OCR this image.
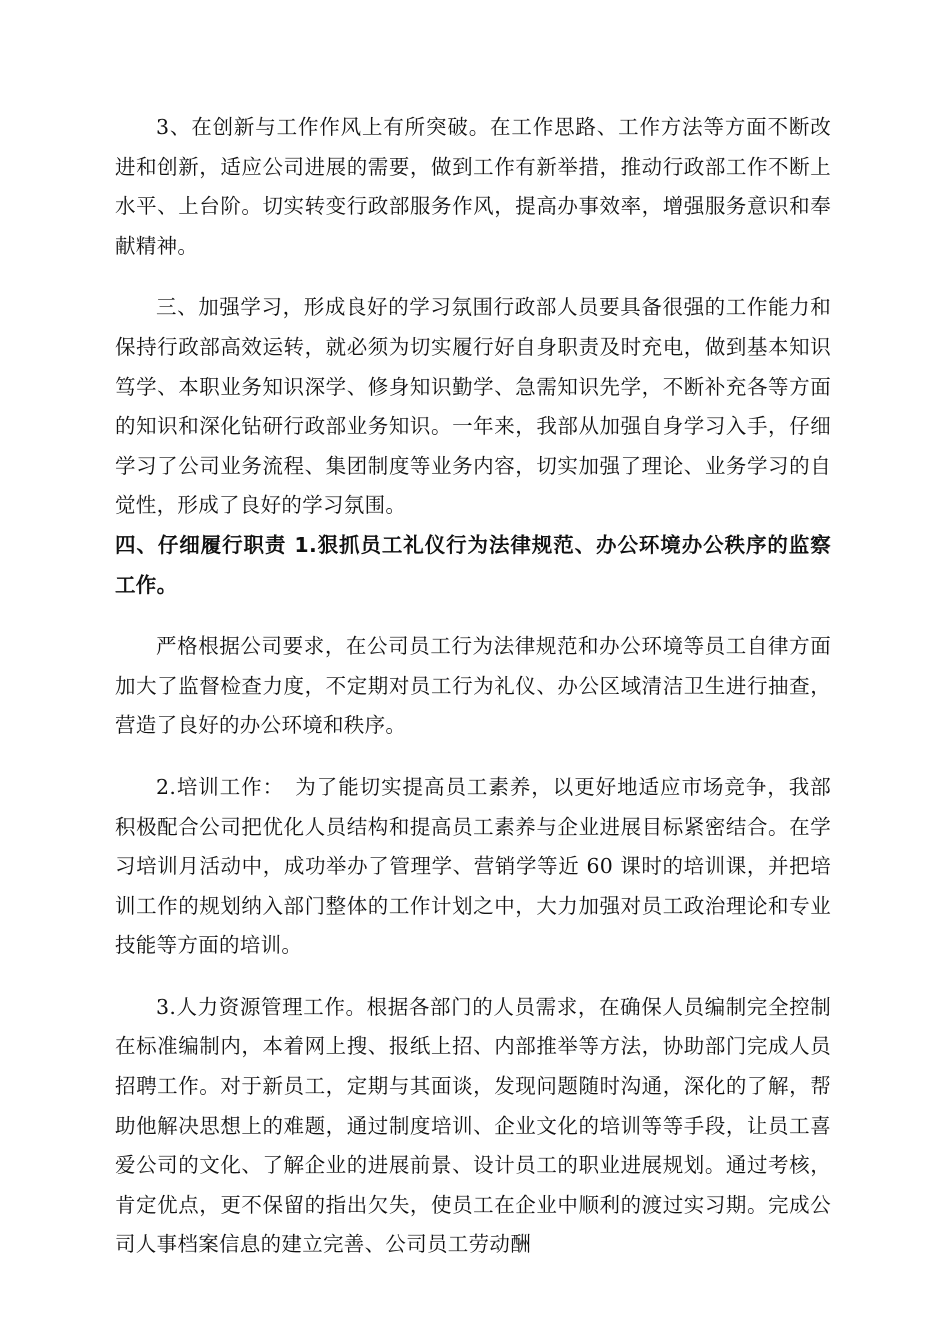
3、在创新与工作作风上有所突破。在工作思路、工作方法等方面不断改进和创新，适应公司进展的需要，做到工作有新举措，推动行政部工作不断上水平、上台阶。切实转变行政部服务作风，提高办事效率，增强服务意识和奉献精神。

三、加强学习，形成良好的学习氛围行政部人员要具备很强的工作能力和保持行政部高效运转，就必须为切实履行好自身职责及时充电，做到基本知识笃学、本职业务知识深学、修身知识勤学、急需知识先学，不断补充各等方面的知识和深化钻研行政部业务知识。一年来，我部从加强自身学习入手，仔细学习了公司业务流程、集团制度等业务内容，切实加强了理论、业务学习的自觉性，形成了良好的学习氛围。

四、仔细履行职责 1.狠抓员工礼仪行为法律规范、办公环境办公秩序的监察工作。

严格根据公司要求，在公司员工行为法律规范和办公环境等员工自律方面加大了监督检查力度，不定期对员工行为礼仪、办公区域清洁卫生进行抽查，营造了良好的办公环境和秩序。

2.培训工作：　为了能切实提高员工素养，以更好地适应市场竞争，我部积极配合公司把优化人员结构和提高员工素养与企业进展目标紧密结合。在学习培训月活动中，成功举办了管理学、营销学等近 60 课时的培训课，并把培训工作的规划纳入部门整体的工作计划之中，大力加强对员工政治理论和专业技能等方面的培训。

3.人力资源管理工作。根据各部门的人员需求，在确保人员编制完全控制在标准编制内，本着网上搜、报纸上招、内部推举等方法，协助部门完成人员招聘工作。对于新员工，定期与其面谈，发现问题随时沟通，深化的了解，帮助他解决思想上的难题，通过制度培训、企业文化的培训等等手段，让员工喜爱公司的文化、了解企业的进展前景、设计员工的职业进展规划。通过考核，肯定优点，更不保留的指出欠失，使员工在企业中顺利的渡过实习期。完成公司人事档案信息的建立完善、公司员工劳动酬
